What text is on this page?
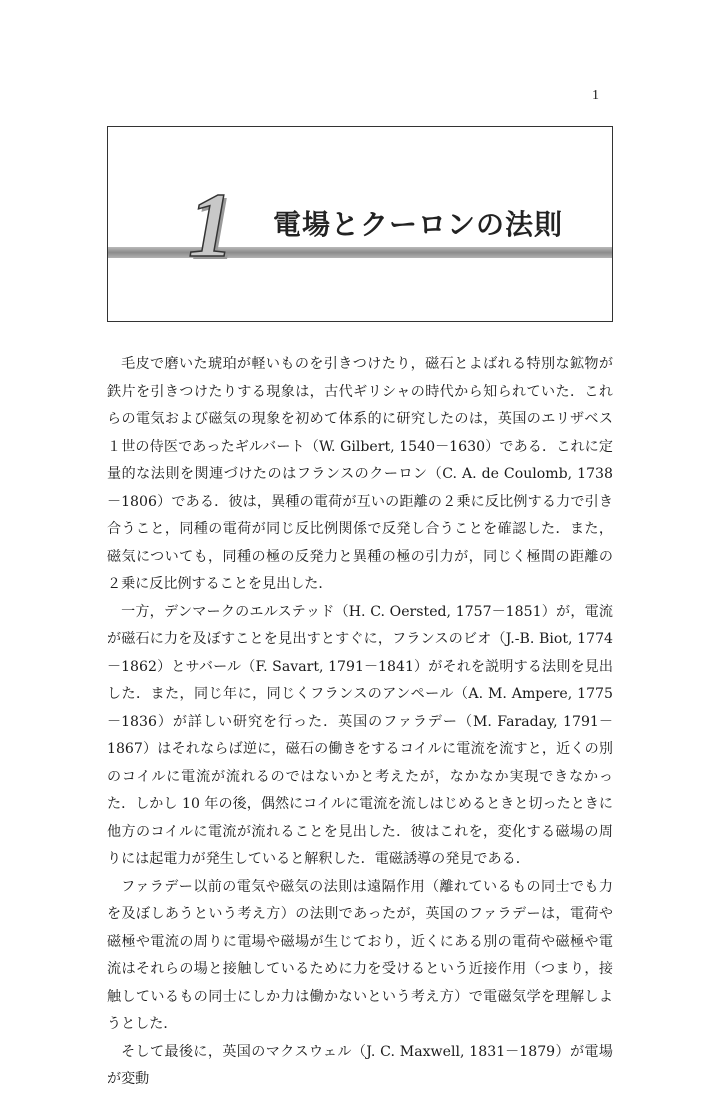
1
1 電場とクーロンの法則

毛皮で磨いた琥珀が軽いものを引きつけたり，磁石とよばれる特別な鉱物が鉄片を引きつけたりする現象は，古代ギリシャの時代から知られていた．これらの電気および磁気の現象を初めて体系的に研究したのは，英国のエリザベス１世の侍医であったギルバート（W. Gilbert, 1540－1630）である．これに定量的な法則を関連づけたのはフランスのクーロン（C. A. de Coulomb, 1738－1806）である．彼は，異種の電荷が互いの距離の２乗に反比例する力で引き合うこと，同種の電荷が同じ反比例関係で反発し合うことを確認した．また，磁気についても，同種の極の反発力と異種の極の引力が，同じく極間の距離の２乗に反比例することを見出した．

一方，デンマークのエルステッド（H. C. Oersted, 1757－1851）が，電流が磁石に力を及ぼすことを見出すとすぐに，フランスのビオ（J.-B. Biot, 1774－1862）とサバール（F. Savart, 1791－1841）がそれを説明する法則を見出した．また，同じ年に，同じくフランスのアンペール（A. M. Ampere, 1775－1836）が詳しい研究を行った．英国のファラデー（M. Faraday, 1791－1867）はそれならば逆に，磁石の働きをするコイルに電流を流すと，近くの別のコイルに電流が流れるのではないかと考えたが，なかなか実現できなかった．しかし 10 年の後，偶然にコイルに電流を流しはじめるときと切ったときに他方のコイルに電流が流れることを見出した．彼はこれを，変化する磁場の周りには起電力が発生していると解釈した．電磁誘導の発見である．

ファラデー以前の電気や磁気の法則は遠隔作用（離れているもの同士でも力を及ぼしあうという考え方）の法則であったが，英国のファラデーは，電荷や磁極や電流の周りに電場や磁場が生じており，近くにある別の電荷や磁極や電流はそれらの場と接触しているために力を受けるという近接作用（つまり，接触しているもの同士にしか力は働かないという考え方）で電磁気学を理解しようとした．

そして最後に，英国のマクスウェル（J. C. Maxwell, 1831－1879）が電場が変動
